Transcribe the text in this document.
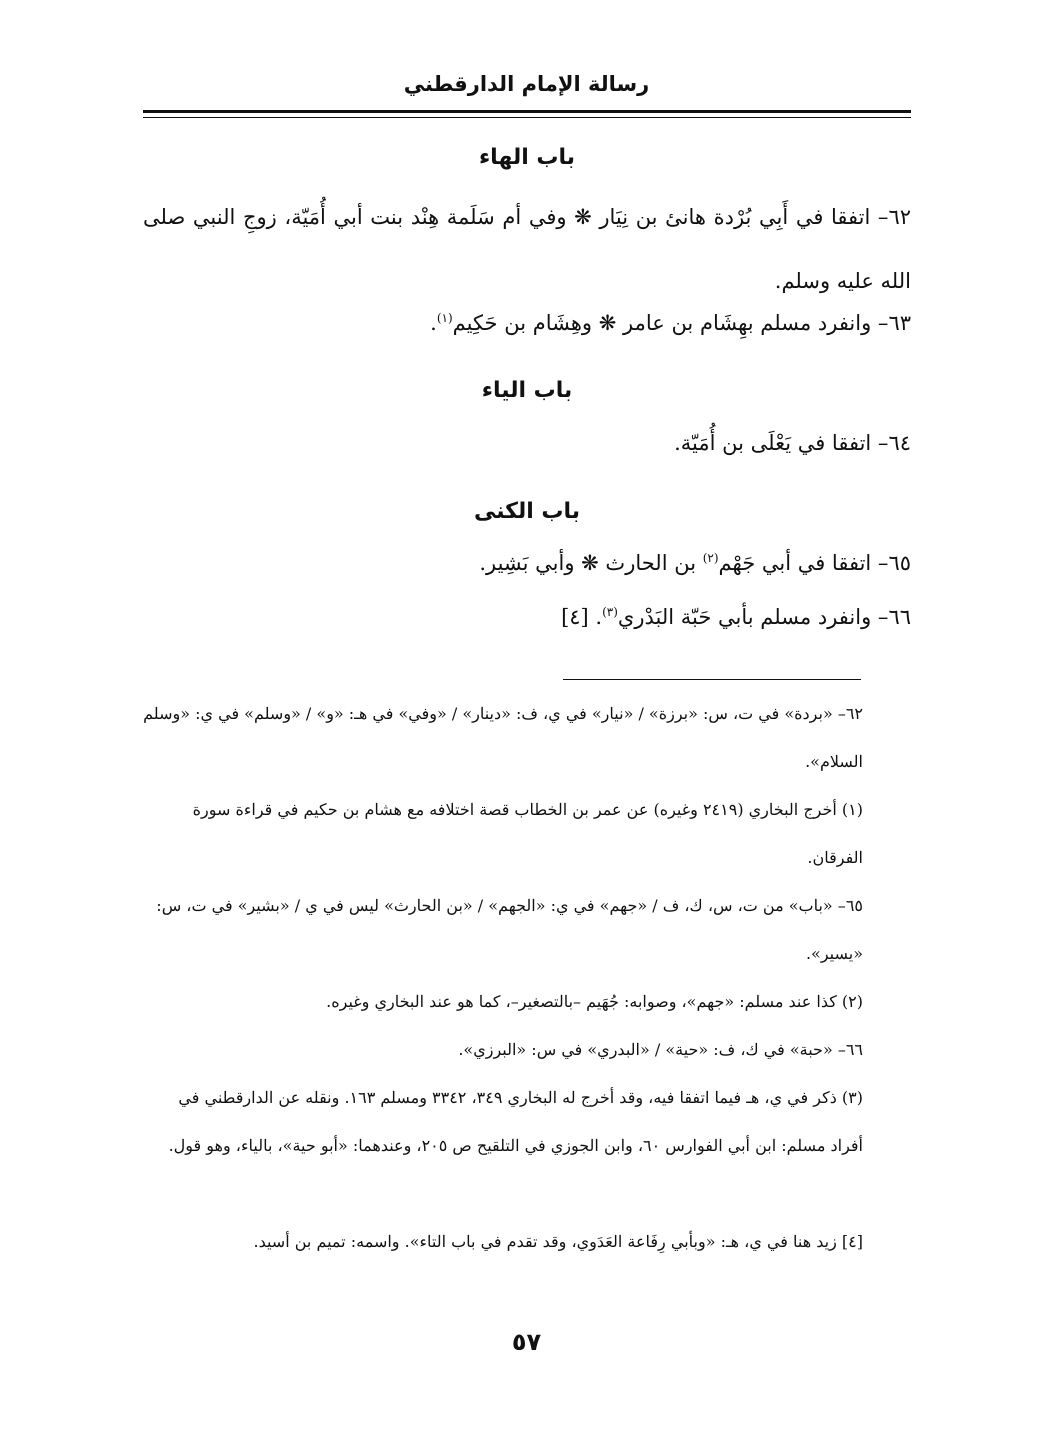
رسالة الإمام الدارقطني

باب الهاء

٦٢– اتفقا في أَبِي بُرْدة هانئ بن نِيَار ❋ وفي أم سَلَمة هِنْد بنت أبي أُمَيّة، زوجِ النبي صلى الله عليه وسلم.

٦٣– وانفرد مسلم بهِشَام بن عامر ❋ وهِشَام بن حَكِيم$^{(١)}$.

باب الياء

٦٤– اتفقا في يَعْلَى بن أُمَيّة.

باب الكنى

٦٥– اتفقا في أبي جَهْم$^{(٢)}$ بن الحارث ❋ وأبي بَشِير.

٦٦– وانفرد مسلم بأبي حَبّة البَدْري$^{(٣)}$. [٤]

٦٢– «بردة» في ت، س: «برزة» / «نيار» في ي، ف: «دينار» / «وفي» في هـ: «و» / «وسلم» في ي: «وسلم السلام».

(١) أخرج البخاري (٢٤١٩ وغيره) عن عمر بن الخطاب قصة اختلافه مع هشام بن حكيم في قراءة سورة الفرقان.

٦٥– «باب» من ت، س، ك، ف / «جهم» في ي: «الجهم» / «بن الحارث» ليس في ي / «بشير» في ت، س: «يسير».

(٢) كذا عند مسلم: «جهم»، وصوابه: جُهَيم –بالتصغير–، كما هو عند البخاري وغيره.

٦٦– «حبة» في ك، ف: «حية» / «البدري» في س: «البرزي».

(٣) ذكر في ي، هـ فيما اتفقا فيه، وقد أخرج له البخاري ٣٤٩، ٣٣٤٢ ومسلم ١٦٣. ونقله عن الدارقطني في أفراد مسلم: ابن أبي الفوارس ٦٠، وابن الجوزي في التلقيح ص ٢٠٥، وعندهما: «أبو حية»، بالياء، وهو قول.

[٤] زيد هنا في ي، هـ: «وبأبي رِفَاعة العَدَوي، وقد تقدم في باب التاء». واسمه: تميم بن أسيد.

٥٧
